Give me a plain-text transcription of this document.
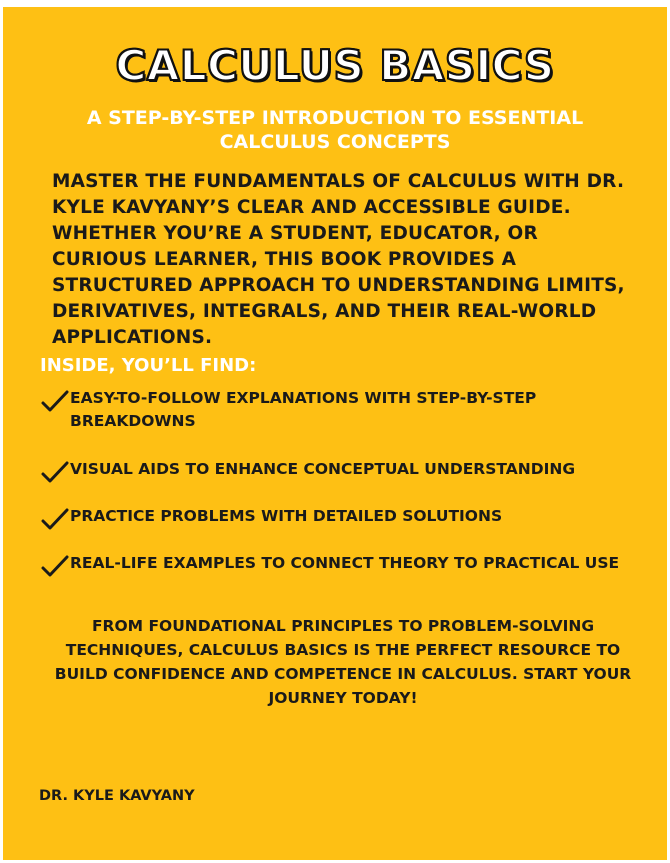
CALCULUS BASICS
A STEP-BY-STEP INTRODUCTION TO ESSENTIAL CALCULUS CONCEPTS

MASTER THE FUNDAMENTALS OF CALCULUS WITH DR. KYLE KAVYANY’S CLEAR AND ACCESSIBLE GUIDE. WHETHER YOU’RE A STUDENT, EDUCATOR, OR CURIOUS LEARNER, THIS BOOK PROVIDES A STRUCTURED APPROACH TO UNDERSTANDING LIMITS, DERIVATIVES, INTEGRALS, AND THEIR REAL-WORLD APPLICATIONS.

INSIDE, YOU’LL FIND:
EASY-TO-FOLLOW EXPLANATIONS WITH STEP-BY-STEP BREAKDOWNS
VISUAL AIDS TO ENHANCE CONCEPTUAL UNDERSTANDING
PRACTICE PROBLEMS WITH DETAILED SOLUTIONS
REAL-LIFE EXAMPLES TO CONNECT THEORY TO PRACTICAL USE

FROM FOUNDATIONAL PRINCIPLES TO PROBLEM-SOLVING TECHNIQUES, CALCULUS BASICS IS THE PERFECT RESOURCE TO BUILD CONFIDENCE AND COMPETENCE IN CALCULUS. START YOUR JOURNEY TODAY!

DR. KYLE KAVYANY
